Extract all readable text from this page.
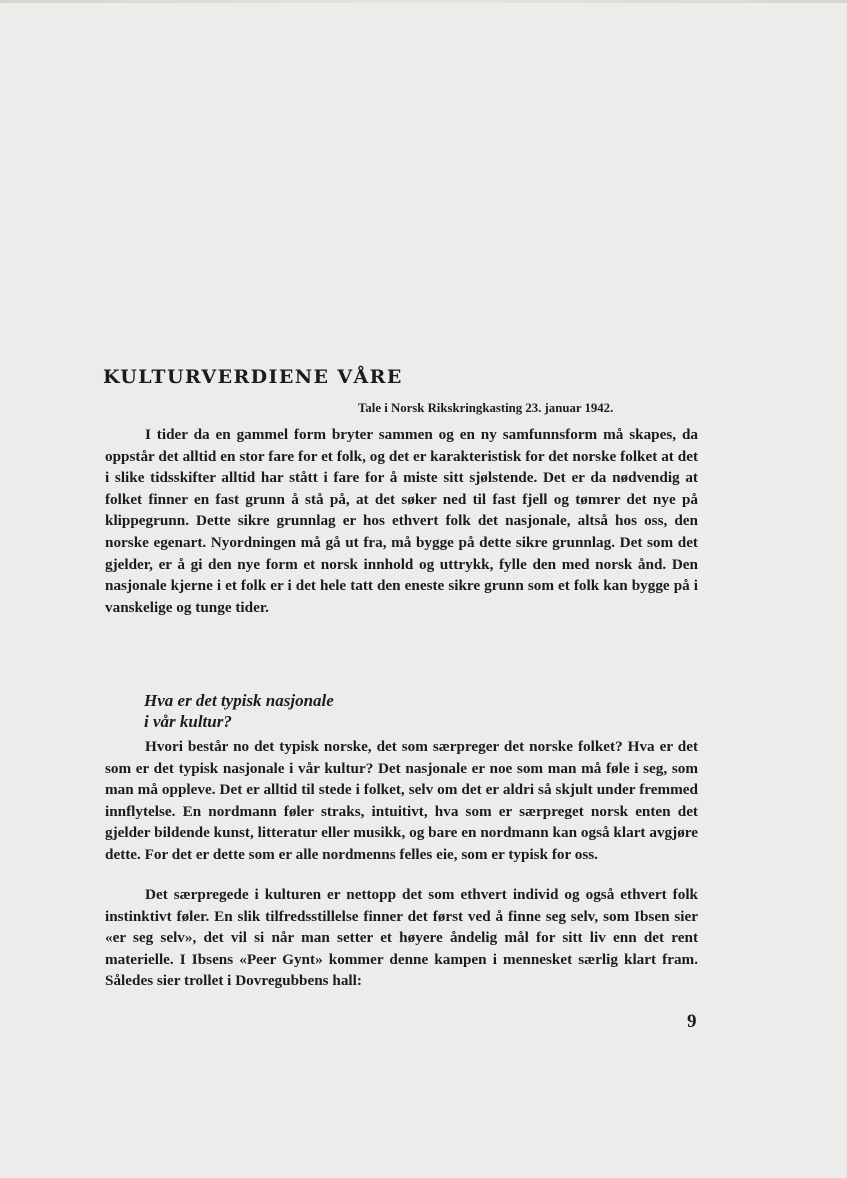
KULTURVERDIENE VÅRE
Tale i Norsk Rikskringkasting 23. januar 1942.

I tider da en gammel form bryter sammen og en ny samfunnsform må skapes, da oppstår det alltid en stor fare for et folk, og det er karakteristisk for det norske folket at det i slike tidsskifter alltid har stått i fare for å miste sitt sjølstende. Det er da nødvendig at folket finner en fast grunn å stå på, at det søker ned til fast fjell og tømrer det nye på klippegrunn. Dette sikre grunnlag er hos ethvert folk det nasjonale, altså hos oss, den norske egenart. Nyordningen må gå ut fra, må bygge på dette sikre grunnlag. Det som det gjelder, er å gi den nye form et norsk innhold og uttrykk, fylle den med norsk ånd. Den nasjonale kjerne i et folk er i det hele tatt den eneste sikre grunn som et folk kan bygge på i vanskelige og tunge tider.

Hva er det typisk nasjonale
i vår kultur?

Hvori består no det typisk norske, det som særpreger det norske folket? Hva er det som er det typisk nasjonale i vår kultur? Det nasjonale er noe som man må føle i seg, som man må oppleve. Det er alltid til stede i folket, selv om det er aldri så skjult under fremmed innflytelse. En nordmann føler straks, intuitivt, hva som er særpreget norsk enten det gjelder bildende kunst, litteratur eller musikk, og bare en nordmann kan også klart avgjøre dette. For det er dette som er alle nordmenns felles eie, som er typisk for oss.

Det særpregede i kulturen er nettopp det som ethvert individ og også ethvert folk instinktivt føler. En slik tilfredsstillelse finner det først ved å finne seg selv, som Ibsen sier «er seg selv», det vil si når man setter et høyere åndelig mål for sitt liv enn det rent materielle. I Ibsens «Peer Gynt» kommer denne kampen i mennesket særlig klart fram. Således sier trollet i Dovregubbens hall:

9
